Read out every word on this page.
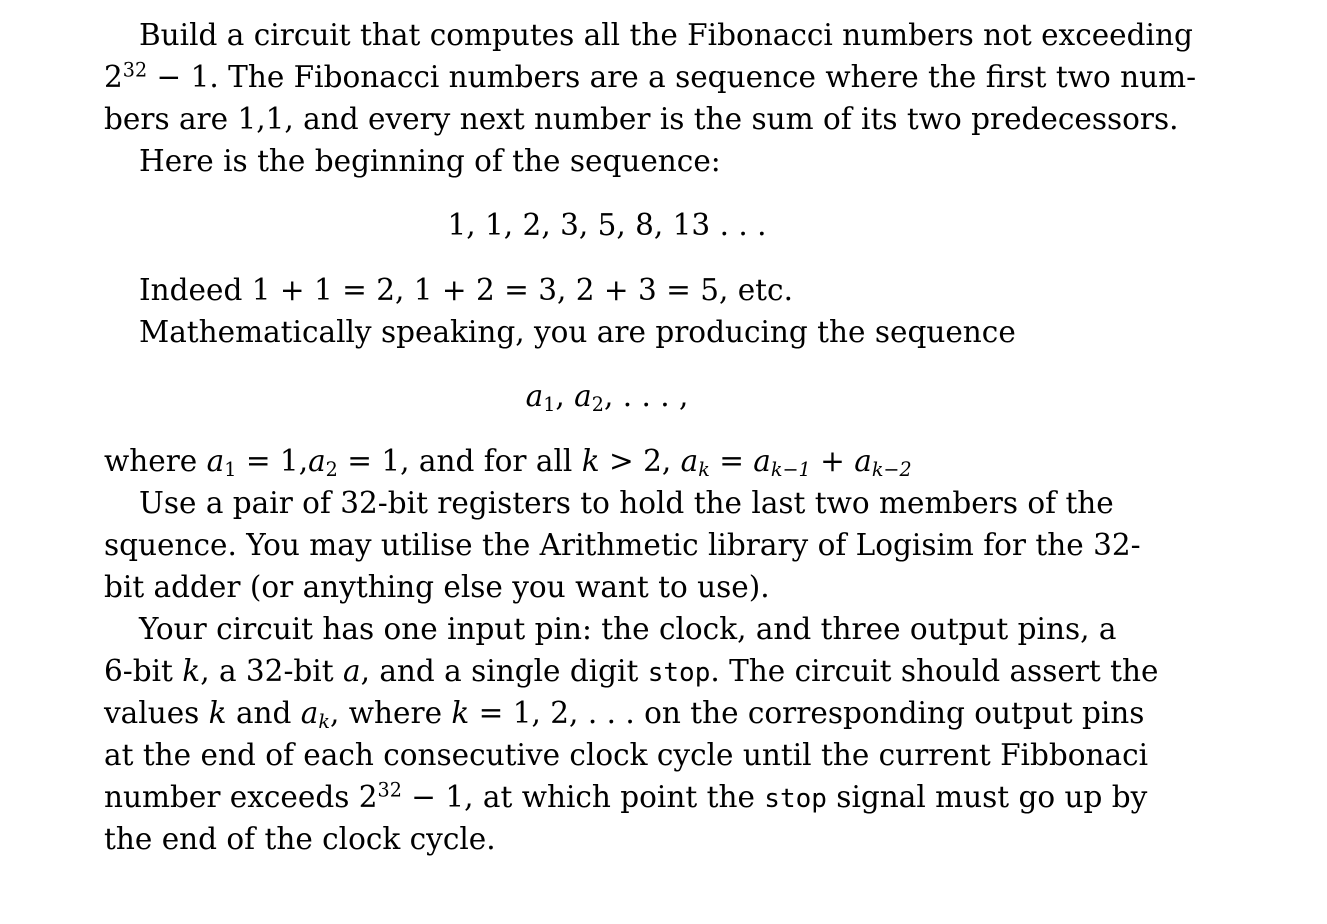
Build a circuit that computes all the Fibonacci numbers not exceeding
$2^{32} - 1$. The Fibonacci numbers are a sequence where the first two num-
bers are 1,1, and every next number is the sum of its two predecessors.
Here is the beginning of the sequence:
1, 1, 2, 3, 5, 8, 13 . . .
Indeed 1 + 1 = 2, 1 + 2 = 3, 2 + 3 = 5, etc.
Mathematically speaking, you are producing the sequence
$a_1$, $a_2$, . . . ,
where $a_1 = 1,a_2 = 1$, and for all k > 2, $a_k = a_{k-1} + a_{k-2}$
Use a pair of 32-bit registers to hold the last two members of the
squence. You may utilise the Arithmetic library of Logisim for the 32-
bit adder (or anything else you want to use).
Your circuit has one input pin: the clock, and three output pins, a
6-bit k, a 32-bit a, and a single digit stop. The circuit should assert the
values k and $a_k$, where k = 1, 2, . . . on the corresponding output pins
at the end of each consecutive clock cycle until the current Fibbonaci
number exceeds $2^{32} - 1$, at which point the stop signal must go up by
the end of the clock cycle.
